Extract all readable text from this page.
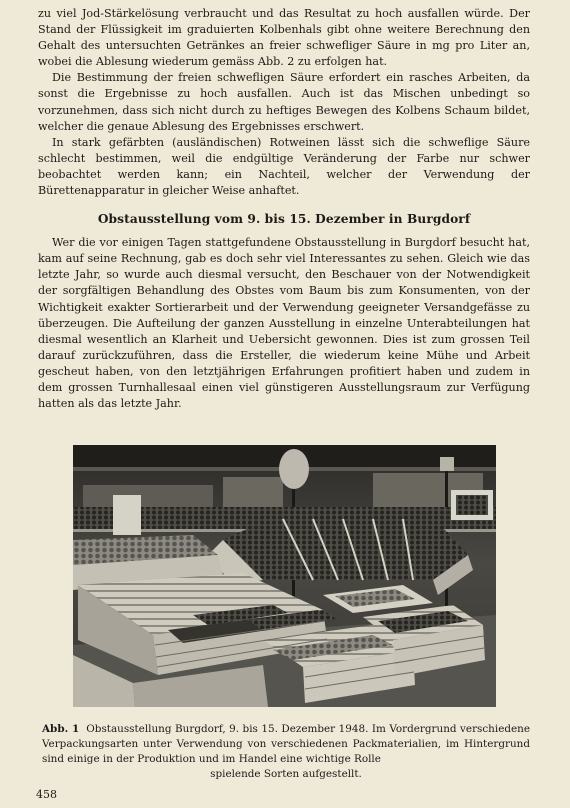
zu viel Jod-Stärkelösung verbraucht und das Resultat zu hoch ausfallen würde. Der Stand der Flüssigkeit im graduierten Kolbenhals gibt ohne weitere Berechnung den Gehalt des untersuchten Getränkes an freier schwefliger Säure in mg pro Liter an, wobei die Ablesung wiederum gemäss Abb. 2 zu erfolgen hat.

Die Bestimmung der freien schwefligen Säure erfordert ein rasches Arbeiten, da sonst die Ergebnisse zu hoch ausfallen. Auch ist das Mischen unbedingt so vorzunehmen, dass sich nicht durch zu heftiges Bewegen des Kolbens Schaum bildet, welcher die genaue Ablesung des Ergebnisses erschwert.

In stark gefärbten (ausländischen) Rotweinen lässt sich die schweflige Säure schlecht bestimmen, weil die endgültige Veränderung der Farbe nur schwer beobachtet werden kann; ein Nachteil, welcher der Verwendung der Bürettenapparatur in gleicher Weise anhaftet.

Obstausstellung vom 9. bis 15. Dezember in Burgdorf

Wer die vor einigen Tagen stattgefundene Obstausstellung in Burgdorf besucht hat, kam auf seine Rechnung, gab es doch sehr viel Interessantes zu sehen. Gleich wie das letzte Jahr, so wurde auch diesmal versucht, den Beschauer von der Notwendigkeit der sorgfältigen Behandlung des Obstes vom Baum bis zum Konsumenten, von der Wichtigkeit exakter Sortierarbeit und der Verwendung geeigneter Versandgefässe zu überzeugen. Die Aufteilung der ganzen Ausstellung in einzelne Unterabteilungen hat diesmal wesentlich an Klarheit und Uebersicht gewonnen. Dies ist zum grossen Teil darauf zurückzuführen, dass die Ersteller, die wiederum keine Mühe und Arbeit gescheut haben, von den letztjährigen Erfahrungen profitiert haben und zudem in dem grossen Turnhallesaal einen viel günstigeren Ausstellungsraum zur Verfügung hatten als das letzte Jahr.

Abb. 1 Obstausstellung Burgdorf, 9. bis 15. Dezember 1948. Im Vordergrund verschiedene Verpackungsarten unter Verwendung von verschiedenen Packmaterialien, im Hintergrund sind einige in der Produktion und im Handel eine wichtige Rolle
spielende Sorten aufgestellt.

458
